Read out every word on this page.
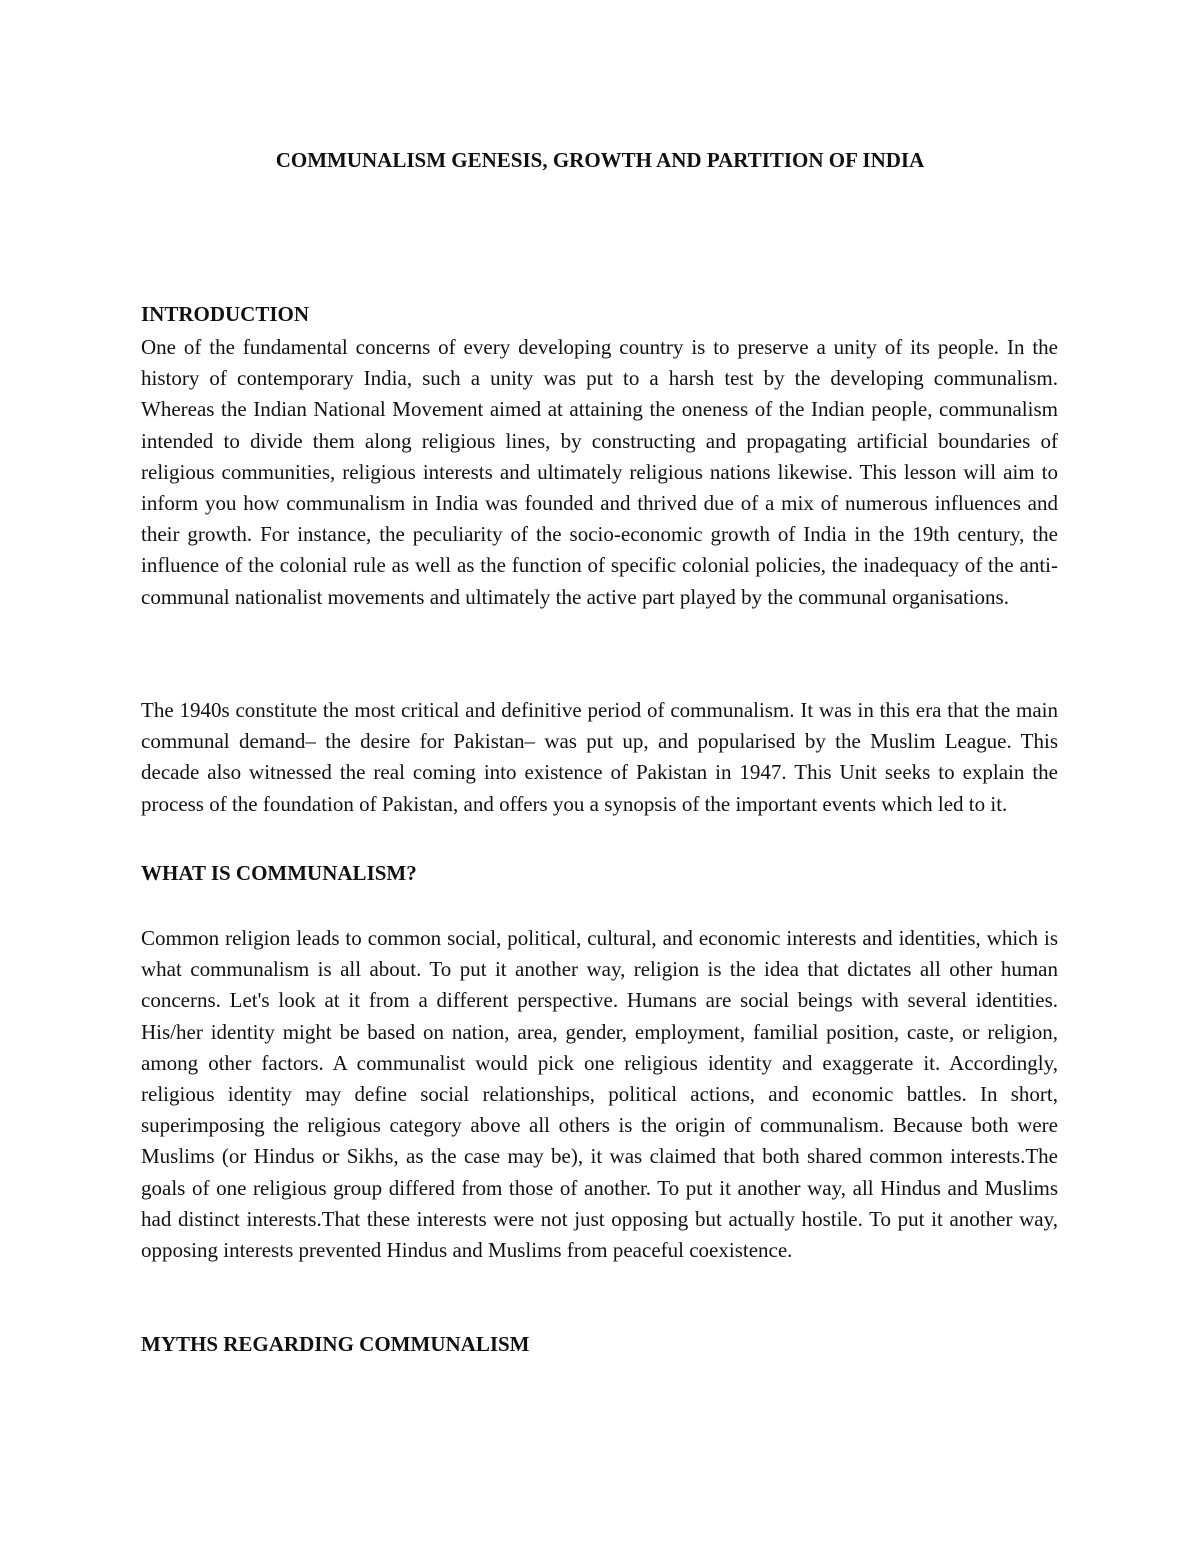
COMMUNALISM GENESIS, GROWTH AND PARTITION OF INDIA
INTRODUCTION

One of the fundamental concerns of every developing country is to preserve a unity of its people. In the history of contemporary India, such a unity was put to a harsh test by the developing communalism. Whereas the Indian National Movement aimed at attaining the oneness of the Indian people, communalism intended to divide them along religious lines, by constructing and propagating artificial boundaries of religious communities, religious interests and ultimately religious nations likewise. This lesson will aim to inform you how communalism in India was founded and thrived due of a mix of numerous influences and their growth. For instance, the peculiarity of the socio-economic growth of India in the 19th century, the influence of the colonial rule as well as the function of specific colonial policies, the inadequacy of the anti-communal nationalist movements and ultimately the active part played by the communal organisations.

The 1940s constitute the most critical and definitive period of communalism. It was in this era that the main communal demand– the desire for Pakistan– was put up, and popularised by the Muslim League. This decade also witnessed the real coming into existence of Pakistan in 1947. This Unit seeks to explain the process of the foundation of Pakistan, and offers you a synopsis of the important events which led to it.

WHAT IS COMMUNALISM?

Common religion leads to common social, political, cultural, and economic interests and identities, which is what communalism is all about. To put it another way, religion is the idea that dictates all other human concerns. Let's look at it from a different perspective. Humans are social beings with several identities. His/her identity might be based on nation, area, gender, employment, familial position, caste, or religion, among other factors. A communalist would pick one religious identity and exaggerate it. Accordingly, religious identity may define social relationships, political actions, and economic battles. In short, superimposing the religious category above all others is the origin of communalism. Because both were Muslims (or Hindus or Sikhs, as the case may be), it was claimed that both shared common interests.The goals of one religious group differed from those of another. To put it another way, all Hindus and Muslims had distinct interests.That these interests were not just opposing but actually hostile. To put it another way, opposing interests prevented Hindus and Muslims from peaceful coexistence.

MYTHS REGARDING COMMUNALISM
